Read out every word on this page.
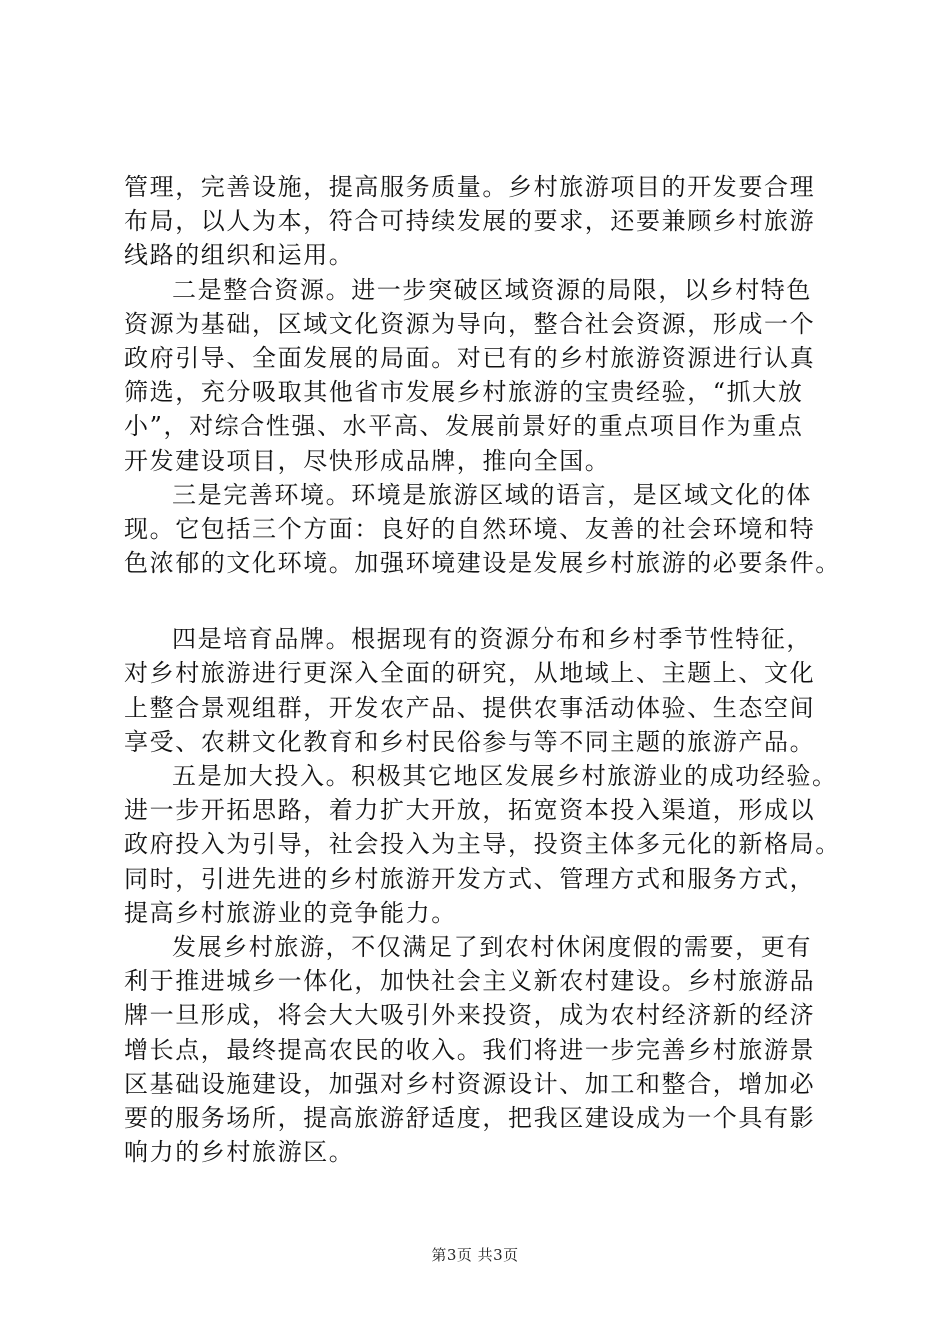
管理，完善设施，提高服务质量。乡村旅游项目的开发要合理
布局，以人为本，符合可持续发展的要求，还要兼顾乡村旅游
线路的组织和运用。
二是整合资源。进一步突破区域资源的局限，以乡村特色
资源为基础，区域文化资源为导向，整合社会资源，形成一个
政府引导、全面发展的局面。对已有的乡村旅游资源进行认真
筛选，充分吸取其他省市发展乡村旅游的宝贵经验，“抓大放
小”，对综合性强、水平高、发展前景好的重点项目作为重点
开发建设项目，尽快形成品牌，推向全国。
三是完善环境。环境是旅游区域的语言，是区域文化的体
现。它包括三个方面：良好的自然环境、友善的社会环境和特
色浓郁的文化环境。加强环境建设是发展乡村旅游的必要条件。
四是培育品牌。根据现有的资源分布和乡村季节性特征，
对乡村旅游进行更深入全面的研究，从地域上、主题上、文化
上整合景观组群，开发农产品、提供农事活动体验、生态空间
享受、农耕文化教育和乡村民俗参与等不同主题的旅游产品。
五是加大投入。积极其它地区发展乡村旅游业的成功经验。
进一步开拓思路，着力扩大开放，拓宽资本投入渠道，形成以
政府投入为引导，社会投入为主导，投资主体多元化的新格局。
同时，引进先进的乡村旅游开发方式、管理方式和服务方式，
提高乡村旅游业的竞争能力。
发展乡村旅游，不仅满足了到农村休闲度假的需要，更有
利于推进城乡一体化，加快社会主义新农村建设。乡村旅游品
牌一旦形成，将会大大吸引外来投资，成为农村经济新的经济
增长点，最终提高农民的收入。我们将进一步完善乡村旅游景
区基础设施建设，加强对乡村资源设计、加工和整合，增加必
要的服务场所，提高旅游舒适度，把我区建设成为一个具有影
响力的乡村旅游区。
第3页 共3页
